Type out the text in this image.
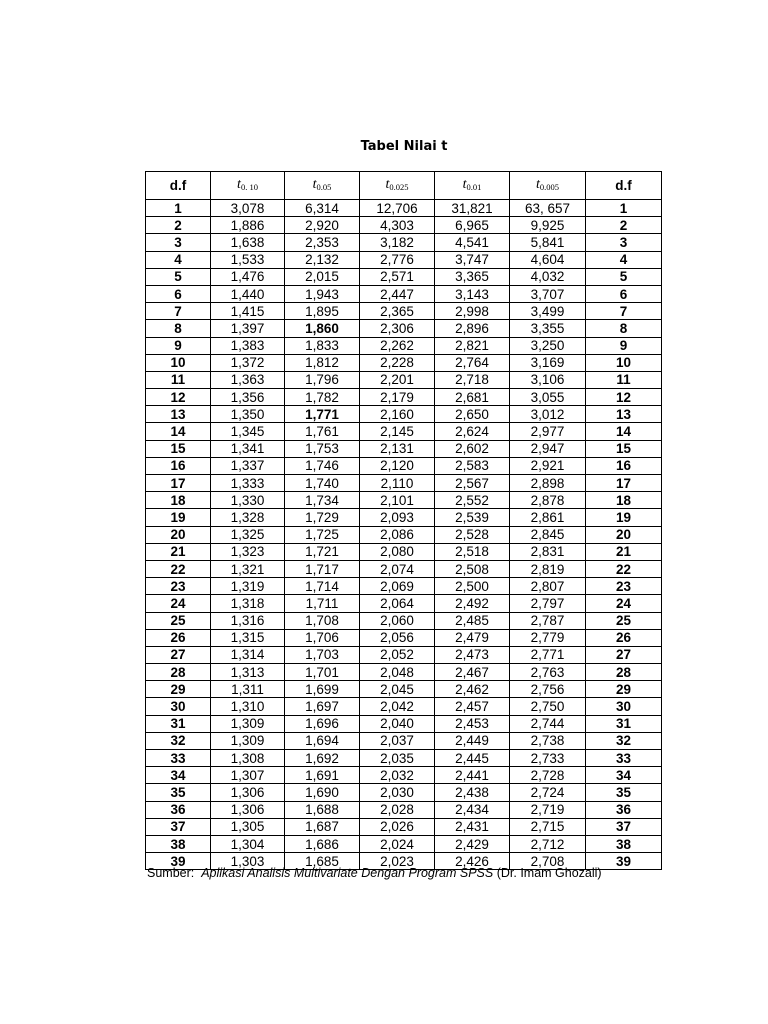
Tabel Nilai t
d.f	t0. 10	t0.05	t0.025	t0.01	t0.005	d.f
1	3,078	6,314	12,706	31,821	63, 657	1
2	1,886	2,920	4,303	6,965	9,925	2
3	1,638	2,353	3,182	4,541	5,841	3
4	1,533	2,132	2,776	3,747	4,604	4
5	1,476	2,015	2,571	3,365	4,032	5
6	1,440	1,943	2,447	3,143	3,707	6
7	1,415	1,895	2,365	2,998	3,499	7
8	1,397	1,860	2,306	2,896	3,355	8
9	1,383	1,833	2,262	2,821	3,250	9
10	1,372	1,812	2,228	2,764	3,169	10
11	1,363	1,796	2,201	2,718	3,106	11
12	1,356	1,782	2,179	2,681	3,055	12
13	1,350	1,771	2,160	2,650	3,012	13
14	1,345	1,761	2,145	2,624	2,977	14
15	1,341	1,753	2,131	2,602	2,947	15
16	1,337	1,746	2,120	2,583	2,921	16
17	1,333	1,740	2,110	2,567	2,898	17
18	1,330	1,734	2,101	2,552	2,878	18
19	1,328	1,729	2,093	2,539	2,861	19
20	1,325	1,725	2,086	2,528	2,845	20
21	1,323	1,721	2,080	2,518	2,831	21
22	1,321	1,717	2,074	2,508	2,819	22
23	1,319	1,714	2,069	2,500	2,807	23
24	1,318	1,711	2,064	2,492	2,797	24
25	1,316	1,708	2,060	2,485	2,787	25
26	1,315	1,706	2,056	2,479	2,779	26
27	1,314	1,703	2,052	2,473	2,771	27
28	1,313	1,701	2,048	2,467	2,763	28
29	1,311	1,699	2,045	2,462	2,756	29
30	1,310	1,697	2,042	2,457	2,750	30
31	1,309	1,696	2,040	2,453	2,744	31
32	1,309	1,694	2,037	2,449	2,738	32
33	1,308	1,692	2,035	2,445	2,733	33
34	1,307	1,691	2,032	2,441	2,728	34
35	1,306	1,690	2,030	2,438	2,724	35
36	1,306	1,688	2,028	2,434	2,719	36
37	1,305	1,687	2,026	2,431	2,715	37
38	1,304	1,686	2,024	2,429	2,712	38
39	1,303	1,685	2,023	2,426	2,708	39
Sumber: Aplikasi Analisis Multivariate Dengan Program SPSS (Dr. Imam Ghozali)
